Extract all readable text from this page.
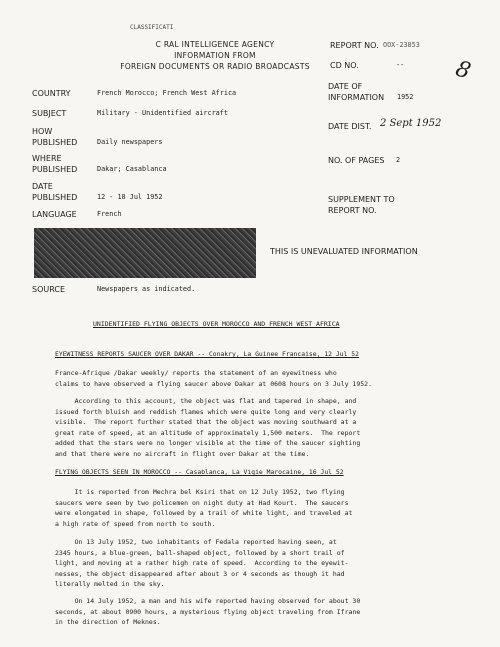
CLASSIFICATI
C RAL INTELLIGENCE AGENCY
INFORMATION FROM
FOREIGN DOCUMENTS OR RADIO BROADCASTS
REPORT NO. OOX-23853
CD NO.	-- 8
COUNTRY	French Morocco; French West Africa
SUBJECT	Military - Unidentified aircraft
HOW
PUBLISHED	Daily newspapers
WHERE
PUBLISHED	Dakar; Casablanca
DATE
PUBLISHED	12 - 18 Jul 1952
LANGUAGE	French
DATE OF
INFORMATION 1952
DATE DIST. 2 Sept 1952
NO. OF PAGES 2
SUPPLEMENT TO
REPORT NO.
THIS IS UNEVALUATED INFORMATION
SOURCE	Newspapers as indicated.
UNIDENTIFIED FLYING OBJECTS OVER MOROCCO AND FRENCH WEST AFRICA
EYEWITNESS REPORTS SAUCER OVER DAKAR -- Conakry, La Guinee Francaise, 12 Jul 52
France-Afrique /Dakar weekly/ reports the statement of an eyewitness who
claims to have observed a flying saucer above Dakar at 0608 hours on 3 July 1952.
According to this account, the object was flat and tapered in shape, and
issued forth bluish and reddish flames which were quite long and very clearly
visible.  The report further stated that the object was moving southward at a
great rate of speed, at an altitude of approximately 1,500 meters.  The report
added that the stars were no longer visible at the time of the saucer sighting
and that there were no aircraft in flight over Dakar at the time.
FLYING OBJECTS SEEN IN MOROCCO -- Casablanca, La Vigie Marocaine, 16 Jul 52
It is reported from Mechra bel Ksiri that on 12 July 1952, two flying
saucers were seen by two policemen on night duty at Had Kourt.  The saucers
were elongated in shape, followed by a trail of white light, and traveled at
a high rate of speed from north to south.
On 13 July 1952, two inhabitants of Fedala reported having seen, at
2345 hours, a blue-green, ball-shaped object, followed by a short trail of
light, and moving at a rather high rate of speed.  According to the eyewit-
nesses, the object disappeared after about 3 or 4 seconds as though it had
literally melted in the sky.
On 14 July 1952, a man and his wife reported having observed for about 30
seconds, at about 0900 hours, a mysterious flying object traveling from Ifrane
in the direction of Meknes.
